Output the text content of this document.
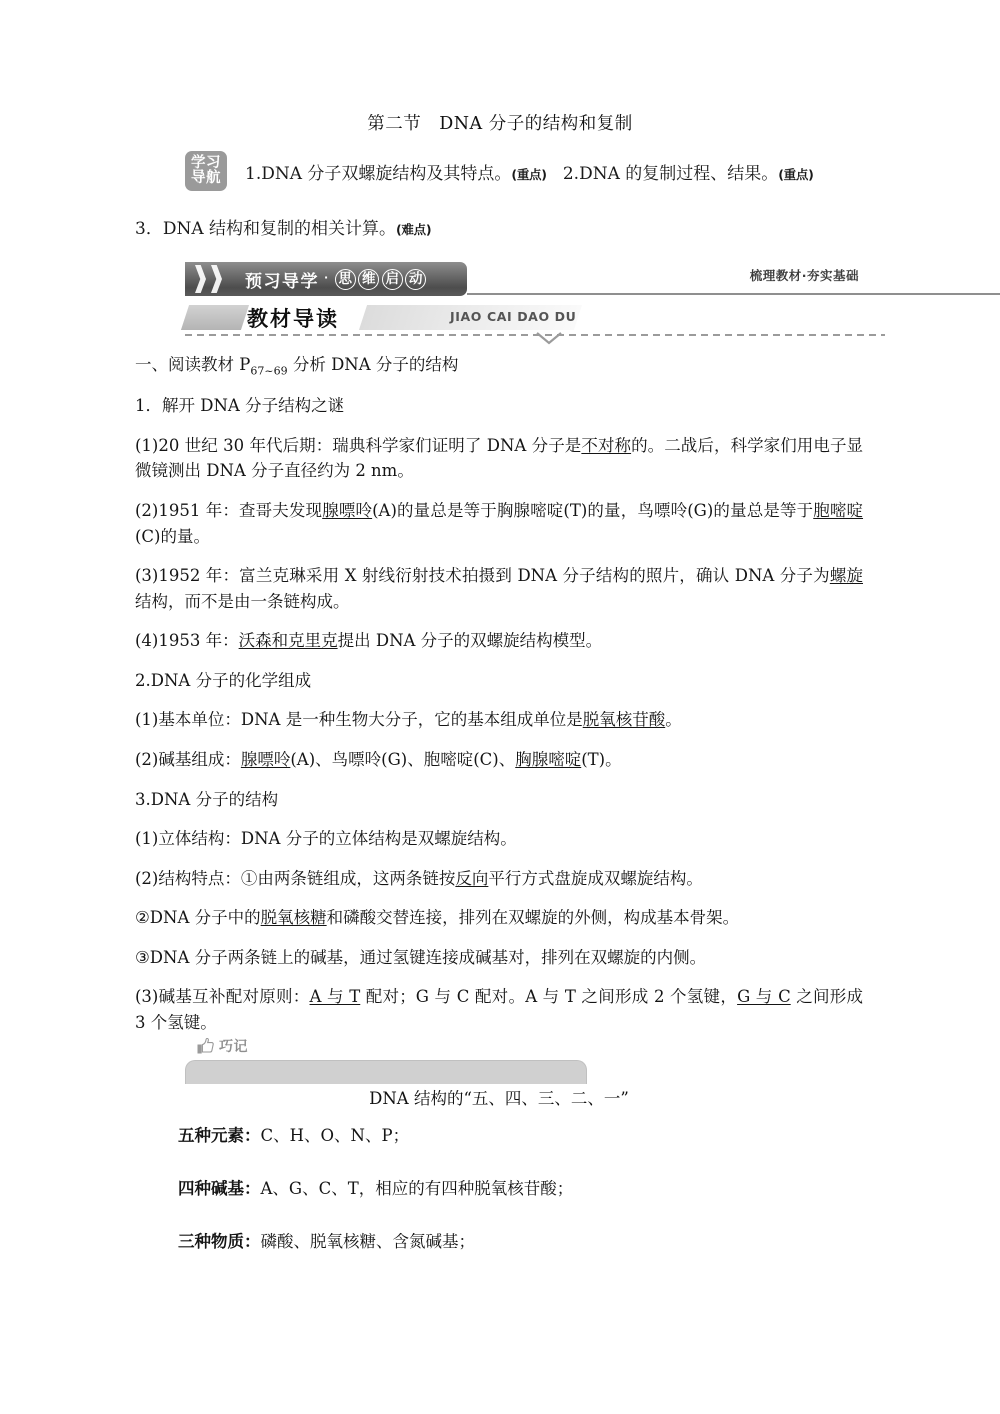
第二节　DNA 分子的结构和复制
学习
导航 1.DNA 分子双螺旋结构及其特点。(重点) 2.DNA 的复制过程、结果。(重点)
3．DNA 结构和复制的相关计算。(难点)
预习导学 · 思 维 启 动	梳理教材·夯实基础
教材导读	JIAO CAI DAO DU

一、阅读教材 $P_{67\sim 69}$ 分析 DNA 分子的结构

1．解开 DNA 分子结构之谜

(1)20 世纪 30 年代后期：瑞典科学家们证明了 DNA 分子是不对称的。二战后，科学家们用电子显微镜测出 DNA 分子直径约为 2 nm。

(2)1951 年：查哥夫发现腺嘌呤(A)的量总是等于胸腺嘧啶(T)的量，鸟嘌呤(G)的量总是等于胞嘧啶(C)的量。

(3)1952 年：富兰克琳采用 X 射线衍射技术拍摄到 DNA 分子结构的照片，确认 DNA 分子为螺旋结构，而不是由一条链构成。

(4)1953 年：沃森和克里克提出 DNA 分子的双螺旋结构模型。

2.DNA 分子的化学组成

(1)基本单位：DNA 是一种生物大分子，它的基本组成单位是脱氧核苷酸。

(2)碱基组成：腺嘌呤(A)、鸟嘌呤(G)、胞嘧啶(C)、胸腺嘧啶(T)。

3.DNA 分子的结构

(1)立体结构：DNA 分子的立体结构是双螺旋结构。

(2)结构特点：①由两条链组成，这两条链按反向平行方式盘旋成双螺旋结构。

②DNA 分子中的脱氧核糖和磷酸交替连接，排列在双螺旋的外侧，构成基本骨架。

③DNA 分子两条链上的碱基，通过氢键连接成碱基对，排列在双螺旋的内侧。

(3)碱基互补配对原则：A 与 T 配对；G 与 C 配对。A 与 T 之间形成 2 个氢键，G 与 C 之间形成 3 个氢键。

巧记
DNA 结构的“五、四、三、二、一”
五种元素：C、H、O、N、P；
四种碱基：A、G、C、T，相应的有四种脱氧核苷酸；
三种物质：磷酸、脱氧核糖、含氮碱基；
